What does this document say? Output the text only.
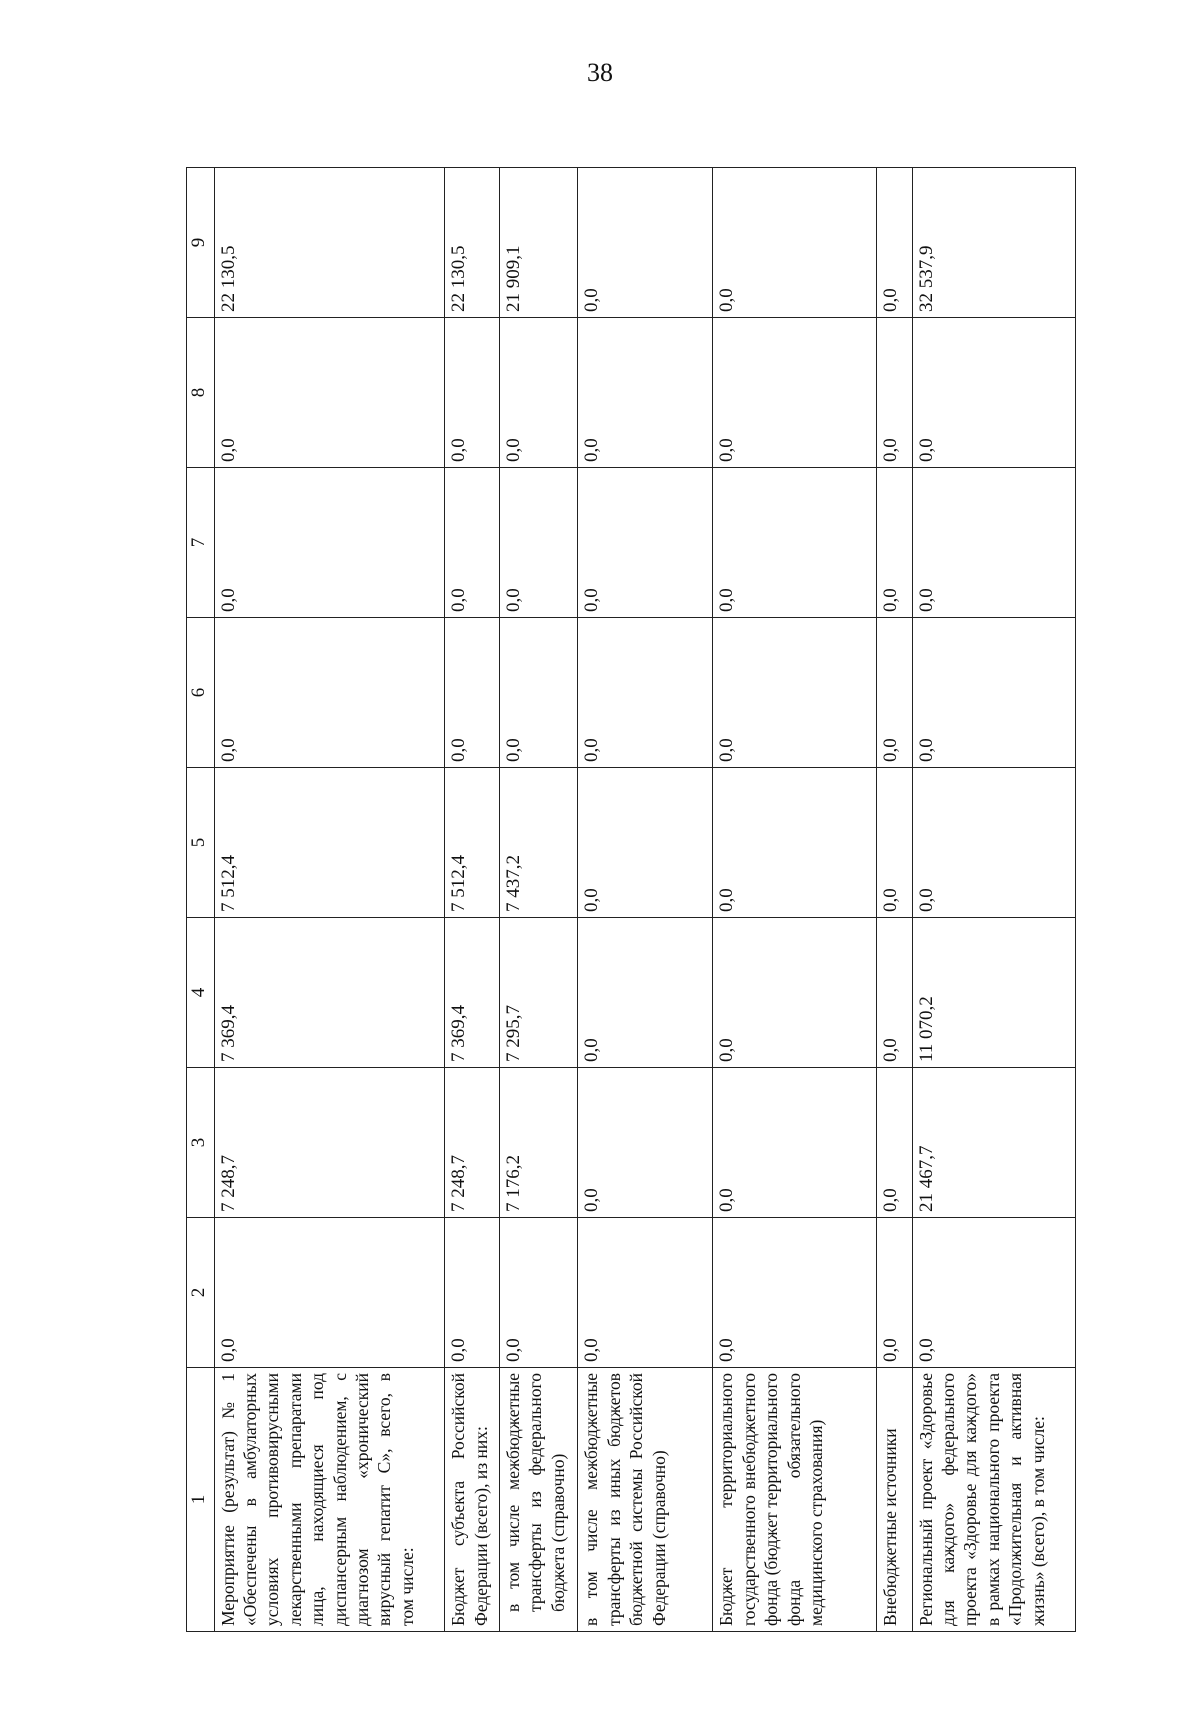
38
1	2	3	4	5	6	7	8	9
Мероприятие (результат) № 1 «Обеспечены в амбулаторных условиях противовирусными лекарственными препаратами лица, находящиеся под диспансерным наблюдением, с диагнозом «хронический вирусный гепатит С», всего, в том числе:	0,0	7 248,7	7 369,4	7 512,4	0,0	0,0	0,0	22 130,5
Бюджет субъекта Российской Федерации (всего), из них:	0,0	7 248,7	7 369,4	7 512,4	0,0	0,0	0,0	22 130,5

в том числе межбюджетные трансферты из федерального бюджета (справочно)	0,0	7 176,2	7 295,7	7 437,2	0,0	0,0	0,0	21 909,1
в том числе межбюджетные трансферты из иных бюджетов бюджетной системы Российской Федерации (справочно)	0,0	0,0	0,0	0,0	0,0	0,0	0,0	0,0
Бюджет территориального государственного внебюджетного фонда (бюджет территориального фонда обязательного медицинского страхования)	0,0	0,0	0,0	0,0	0,0	0,0	0,0	0,0
Внебюджетные источники	0,0	0,0	0,0	0,0	0,0	0,0	0,0	0,0
Региональный проект «Здоровье для каждого» федерального проекта «Здоровье для каждого» в рамках национального проекта «Продолжительная и активная жизнь» (всего), в том числе:	0,0	21 467,7	11 070,2	0,0	0,0	0,0	0,0	32 537,9
